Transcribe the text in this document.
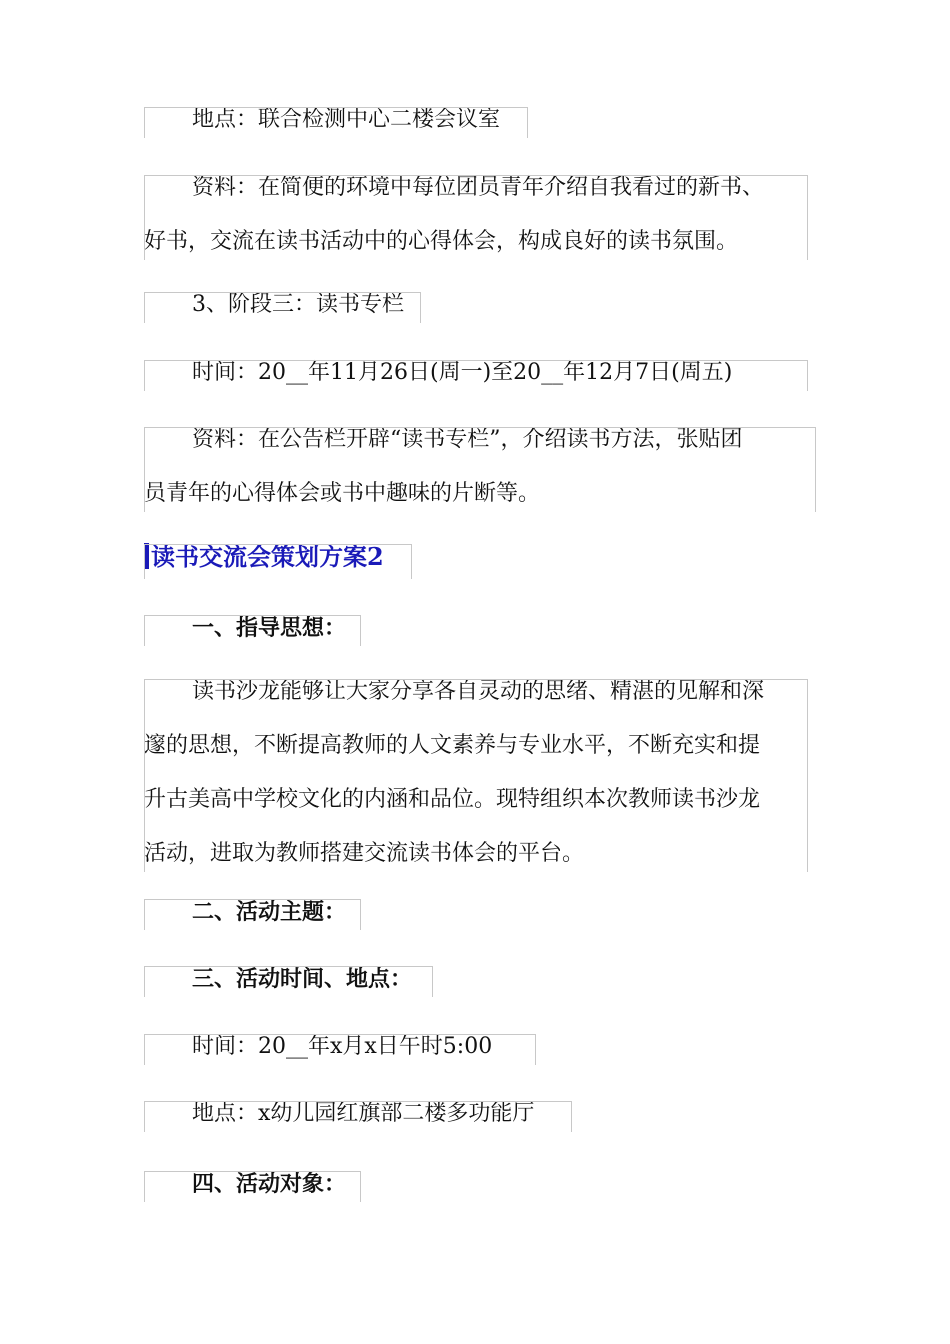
地点：联合检测中心二楼会议室
资料：在简便的环境中每位团员青年介绍自我看过的新书、
好书，交流在读书活动中的心得体会，构成良好的读书氛围。
3、阶段三：读书专栏
时间：20__年11月26日(周一)至20__年12月7日(周五)
资料：在公告栏开辟“读书专栏”，介绍读书方法，张贴团
员青年的心得体会或书中趣味的片断等。
读书交流会策划方案2
一、指导思想：
读书沙龙能够让大家分享各自灵动的思绪、精湛的见解和深
邃的思想，不断提高教师的人文素养与专业水平，不断充实和提
升古美高中学校文化的内涵和品位。现特组织本次教师读书沙龙
活动，进取为教师搭建交流读书体会的平台。
二、活动主题：
三、活动时间、地点：
时间：20__年x月x日午时5:00
地点：x幼儿园红旗部二楼多功能厅
四、活动对象：
